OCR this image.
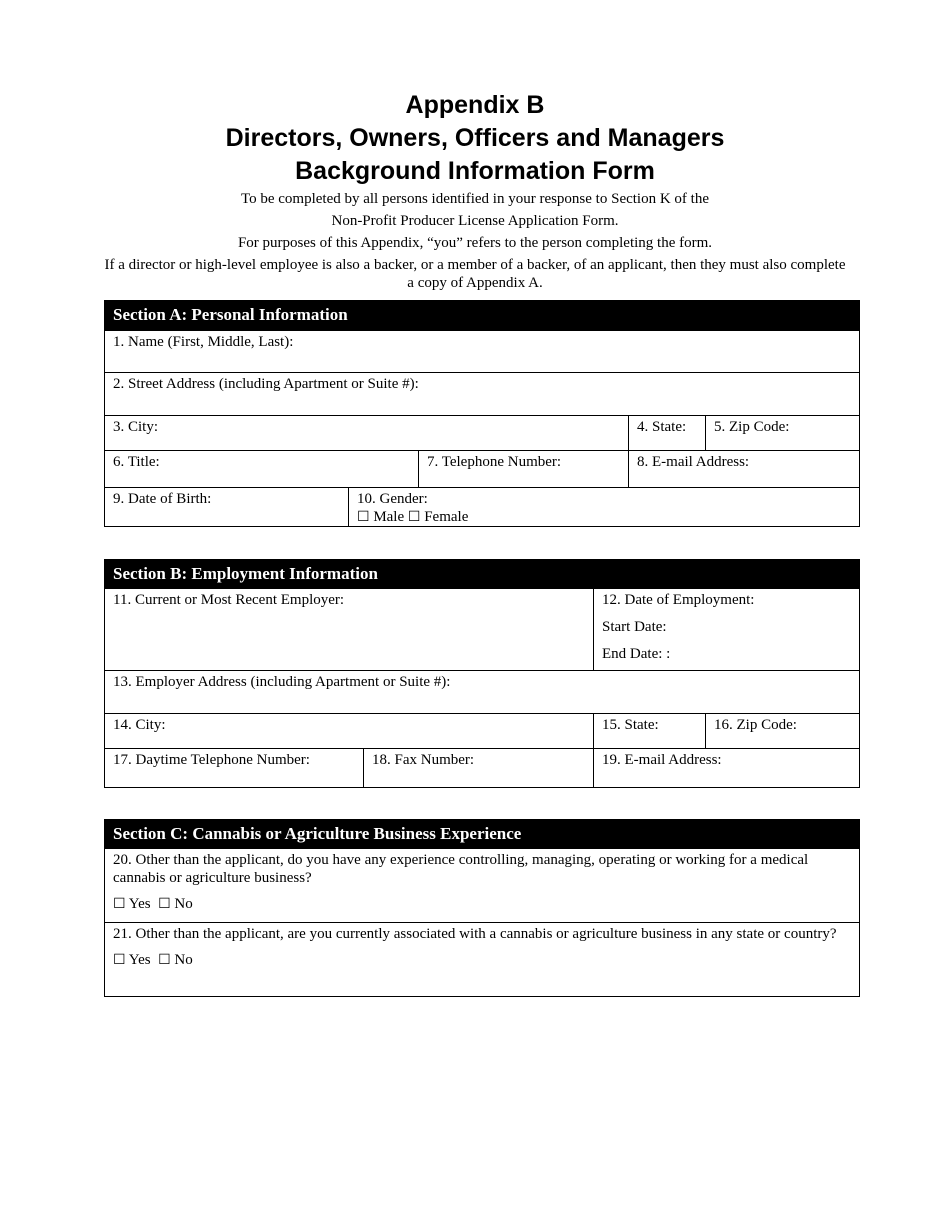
Appendix B
Directors, Owners, Officers and Managers
Background Information Form
To be completed by all persons identified in your response to Section K of the
Non-Profit Producer License Application Form.
For purposes of this Appendix, “you” refers to the person completing the form.
If a director or high-level employee is also a backer, or a member of a backer, of an applicant, then they must also complete a copy of Appendix A.
Section A: Personal Information				
1. Name (First, Middle, Last):				
2. Street Address (including Apartment or Suite #):				
3. City:			4. State:	5. Zip Code:
6. Title:		7. Telephone Number:	8. E-mail Address:	
9. Date of Birth:	10. Gender:
☐ Male ☐ Female			
Section B: Employment Information			
11. Current or Most Recent Employer:		12. Date of Employment:
Start Date:
End Date: :	

13. Employer Address (including Apartment or Suite #):			
14. City:		15. State:	16. Zip Code:
17. Daytime Telephone Number:	18. Fax Number:	19. E-mail Address:	
Section C: Cannabis or Agriculture Business Experience
20. Other than the applicant, do you have any experience controlling, managing, operating or working for a medical cannabis or agriculture business?
☐ Yes ☐ No

21. Other than the applicant, are you currently associated with a cannabis or agriculture business in any state or country?
☐ Yes ☐ No
